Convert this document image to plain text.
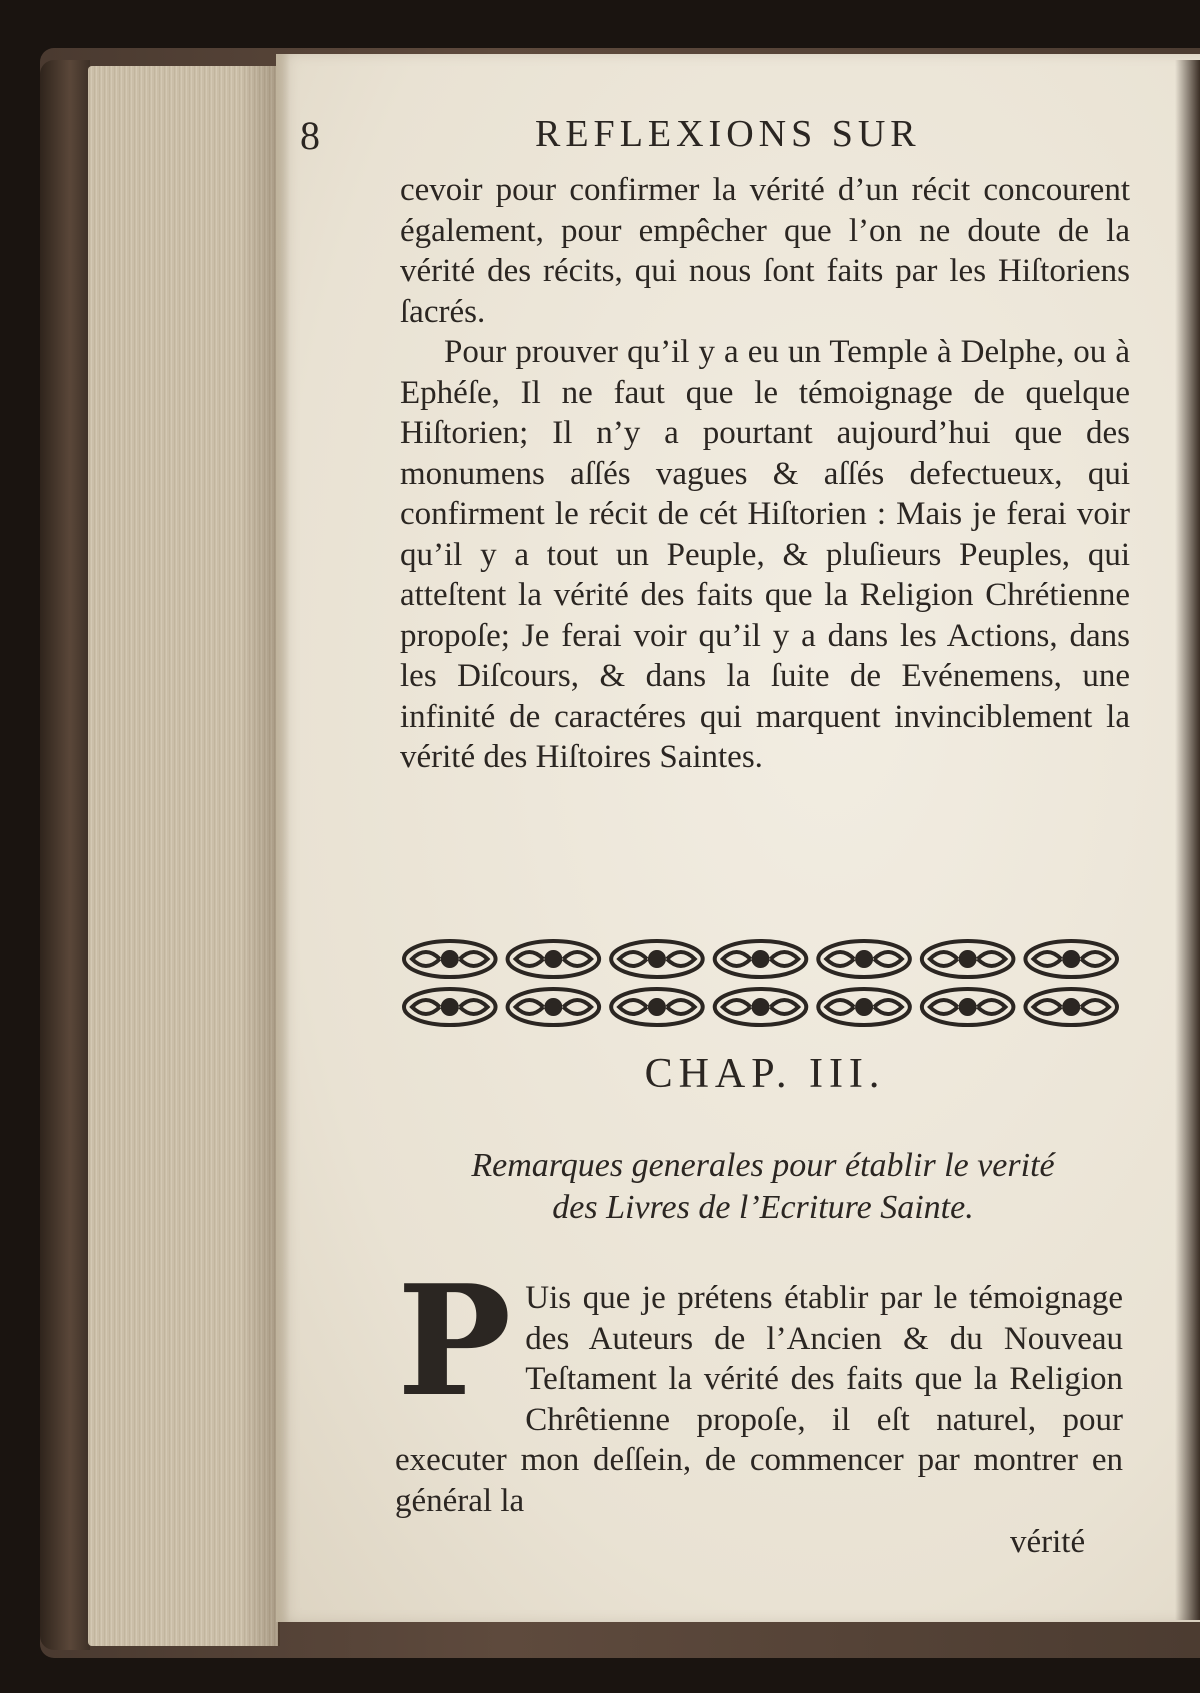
8	REFLEXIONS SUR

cevoir pour confirmer la vérité d’un récit concourent également, pour empêcher que l’on ne doute de la vérité des récits, qui nous ſont faits par les Hiſtoriens ſacrés.

Pour prouver qu’il y a eu un Temple à Delphe, ou à Ephéſe, Il ne faut que le témoignage de quelque Hiſtorien; Il n’y a pourtant aujourd’hui que des monumens aſſés vagues & aſſés defectueux, qui confirment le récit de cét Hiſtorien : Mais je ferai voir qu’il y a tout un Peuple, & pluſieurs Peuples, qui atteſtent la vérité des faits que la Religion Chrétienne propoſe; Je ferai voir qu’il y a dans les Actions, dans les Diſcours, & dans la ſuite de Evénemens, une infinité de caractéres qui marquent invinciblement la vérité des Hiſtoires Saintes.

CHAP. III.
Remarques generales pour établir le verité
des Livres de l’Ecriture Sainte.

P Uis que je prétens établir par le témoignage des Auteurs de l’Ancien & du Nouveau Teſtament la vérité des faits que la Religion Chrêtienne propoſe, il eſt naturel, pour executer mon deſſein, de commencer par montrer en général la

vérité
